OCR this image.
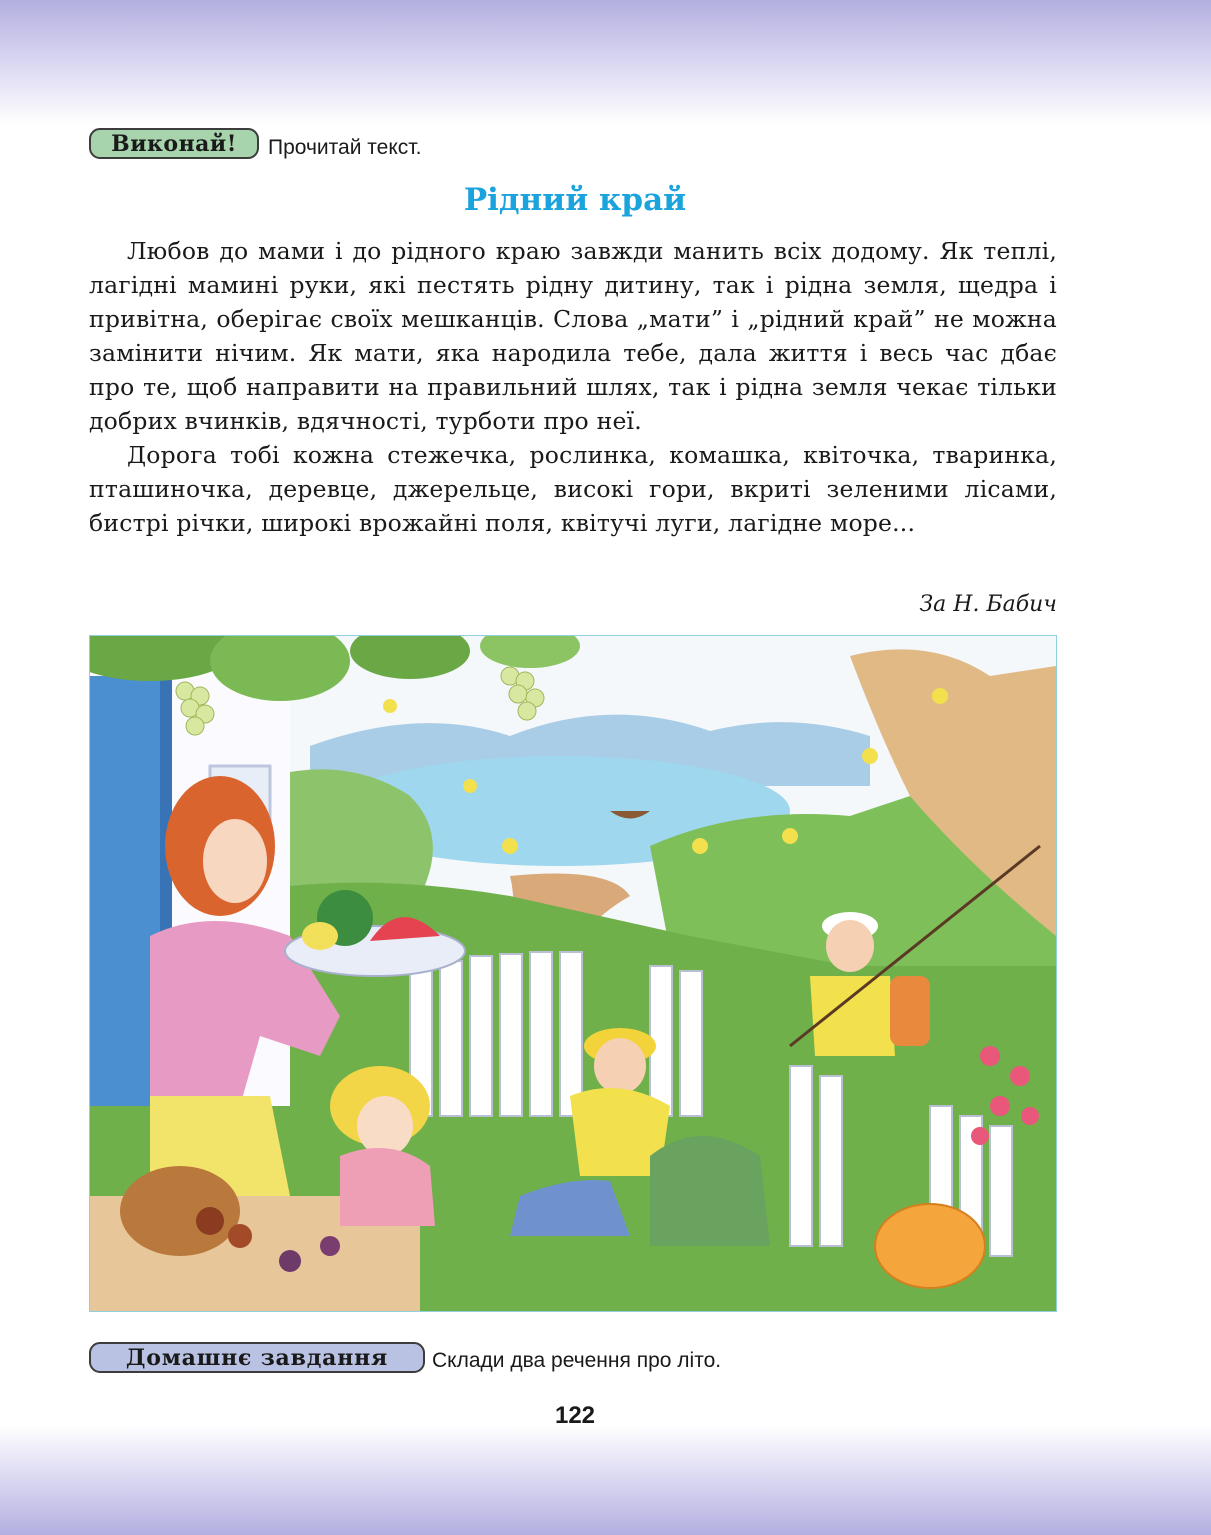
Виконай!	Прочитай текст.
Рідний край

Любов до мами і до рідного краю завжди манить всіх додому. Як теплі, лагідні мамині руки, які пестять рідну дитину, так і рідна земля, щедра і привітна, оберігає своїх мешканців. Слова „мати” і „рідний край” не можна замінити нічим. Як мати, яка народила тебе, дала життя і весь час дбає про те, щоб направити на правильний шлях, так і рідна земля чекає тільки добрих вчинків, вдячності, турботи про неї.

Дорога тобі кожна стежечка, рослинка, комашка, квіточка, тваринка, пташиночка, деревце, джерельце, високі гори, вкриті зеленими лісами, бистрі річки, широкі врожайні поля, квітучі луги, лагідне море...

За Н. Бабич
Домашнє завдання	Склади два речення про літо.
122
